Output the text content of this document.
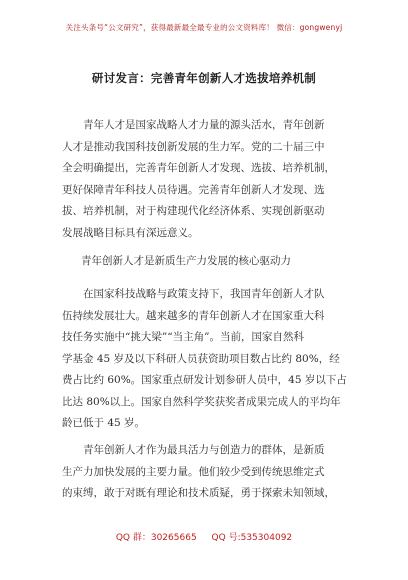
关注头条号“公文研究”，获得最新最全最专业的公文资料库！ 微信：gongwenyj
研讨发言：完善青年创新人才选拔培养机制
青年人才是国家战略人才力量的源头活水，青年创新
人才是推动我国科技创新发展的生力军。党的二十届三中
全会明确提出，完善青年创新人才发现、选拔、培养机制，
更好保障青年科技人员待遇。完善青年创新人才发现、选
拔、培养机制，对于构建现代化经济体系、实现创新驱动
发展战略目标具有深远意义。
青年创新人才是新质生产力发展的核心驱动力
在国家科技战略与政策支持下，我国青年创新人才队
伍持续发展壮大。越来越多的青年创新人才在国家重大科
技任务实施中“挑大梁”“当主角”。当前，国家自然科
学基金 45 岁及以下科研人员获资助项目数占比约 80%，经
费占比约 60%。国家重点研发计划参研人员中，45 岁以下占
比达 80%以上。国家自然科学奖获奖者成果完成人的平均年
龄已低于 45 岁。
青年创新人才作为最具活力与创造力的群体，是新质
生产力加快发展的主要力量。他们较少受到传统思维定式
的束缚，敢于对既有理论和技术质疑，勇于探索未知领域，
QQ 群：30265665 QQ 号:535304092
